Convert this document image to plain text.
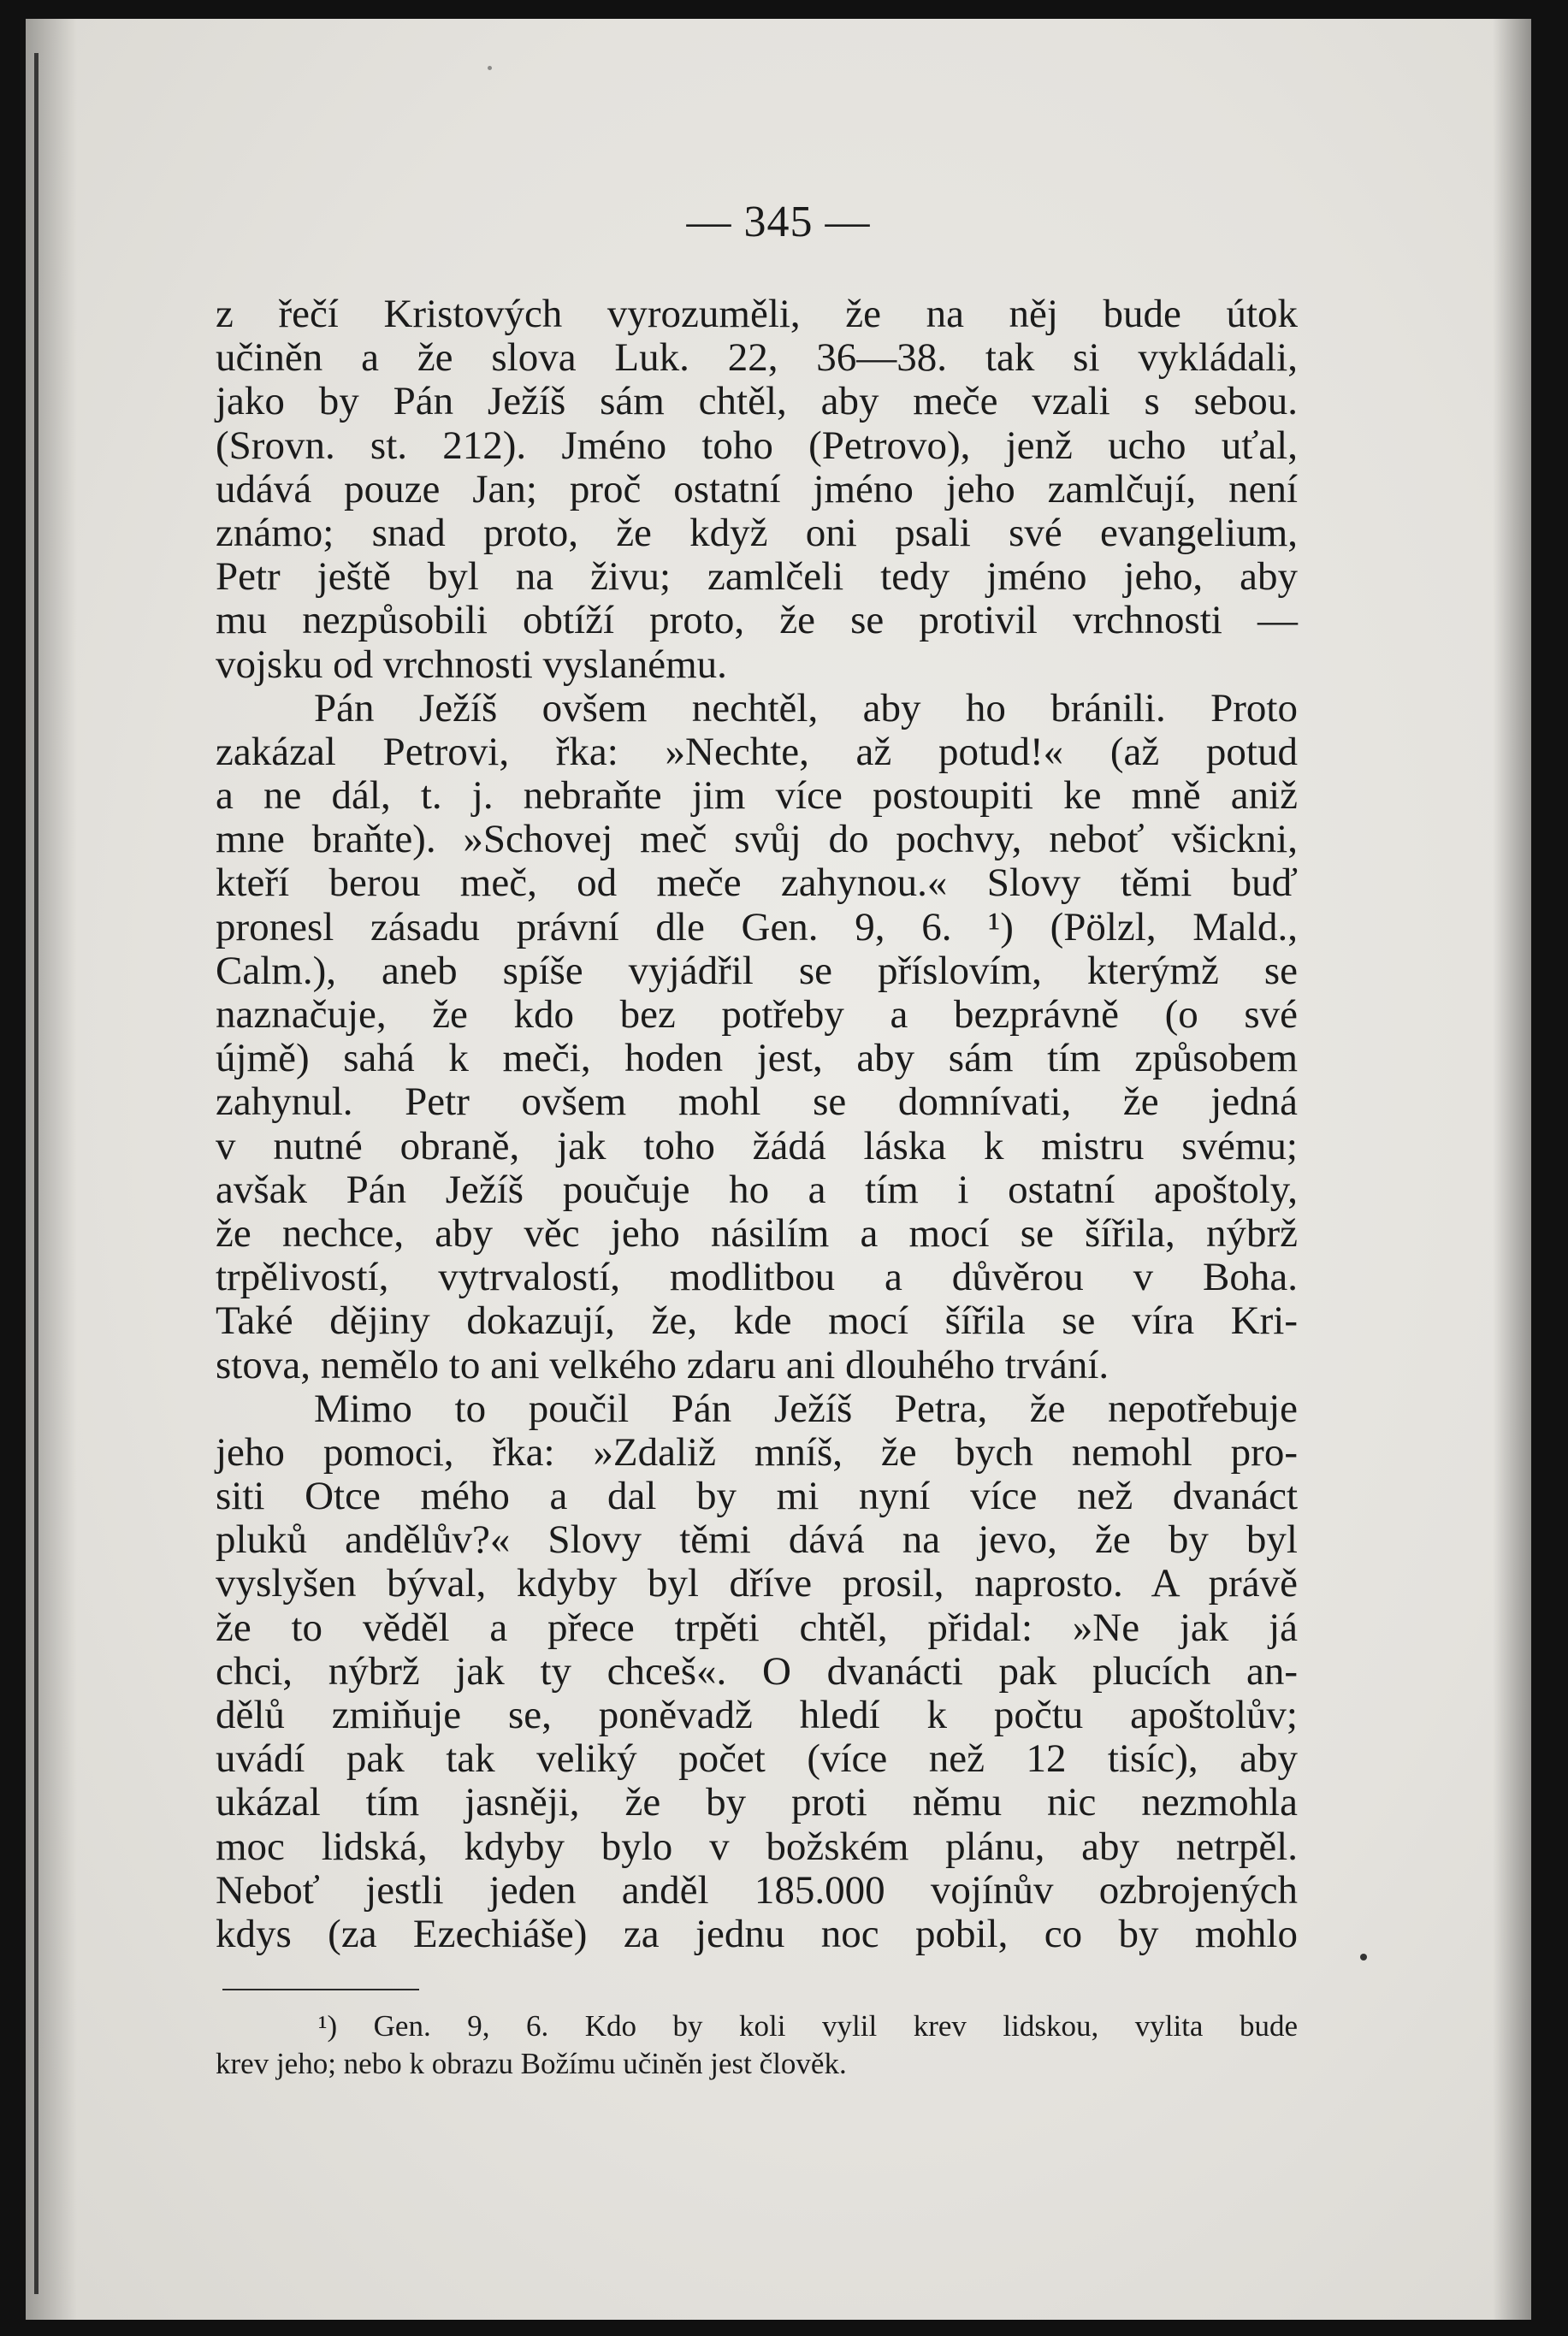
— 345 —
z řečí Kristových vyrozuměli, že na něj bude útok
učiněn a že slova Luk. 22, 36—38. tak si vykládali,
jako by Pán Ježíš sám chtěl, aby meče vzali s sebou.
(Srovn. st. 212). Jméno toho (Petrovo), jenž ucho uťal,
udává pouze Jan; proč ostatní jméno jeho zamlčují, není
známo; snad proto, že když oni psali své evangelium,
Petr ještě byl na živu; zamlčeli tedy jméno jeho, aby
mu nezpůsobili obtíží proto, že se protivil vrchnosti —
vojsku od vrchnosti vyslanému.
Pán Ježíš ovšem nechtěl, aby ho bránili. Proto
zakázal Petrovi, řka: »Nechte, až potud!« (až potud
a ne dál, t. j. nebraňte jim více postoupiti ke mně aniž
mne braňte). »Schovej meč svůj do pochvy, neboť všickni,
kteří berou meč, od meče zahynou.« Slovy těmi buď
pronesl zásadu právní dle Gen. 9, 6. ¹) (Pölzl, Mald.,
Calm.), aneb spíše vyjádřil se příslovím, kterýmž se
naznačuje, že kdo bez potřeby a bezprávně (o své
újmě) sahá k meči, hoden jest, aby sám tím způsobem
zahynul. Petr ovšem mohl se domnívati, že jedná
v nutné obraně, jak toho žádá láska k mistru svému;
avšak Pán Ježíš poučuje ho a tím i ostatní apoštoly,
že nechce, aby věc jeho násilím a mocí se šířila, nýbrž
trpělivostí, vytrvalostí, modlitbou a důvěrou v Boha.
Také dějiny dokazují, že, kde mocí šířila se víra Kri-
stova, nemělo to ani velkého zdaru ani dlouhého trvání.
Mimo to poučil Pán Ježíš Petra, že nepotřebuje
jeho pomoci, řka: »Zdaliž mníš, že bych nemohl pro-
siti Otce mého a dal by mi nyní více než dvanáct
pluků andělův?« Slovy těmi dává na jevo, že by byl
vyslyšen býval, kdyby byl dříve prosil, naprosto. A právě
že to věděl a přece trpěti chtěl, přidal: »Ne jak já
chci, nýbrž jak ty chceš«. O dvanácti pak plucích an-
dělů zmiňuje se, poněvadž hledí k počtu apoštolův;
uvádí pak tak veliký počet (více než 12 tisíc), aby
ukázal tím jasněji, že by proti němu nic nezmohla
moc lidská, kdyby bylo v božském plánu, aby netrpěl.
Neboť jestli jeden anděl 185.000 vojínův ozbrojených
kdys (za Ezechiáše) za jednu noc pobil, co by mohlo
¹) Gen. 9, 6. Kdo by koli vylil krev lidskou, vylita bude
krev jeho; nebo k obrazu Božímu učiněn jest člověk.
